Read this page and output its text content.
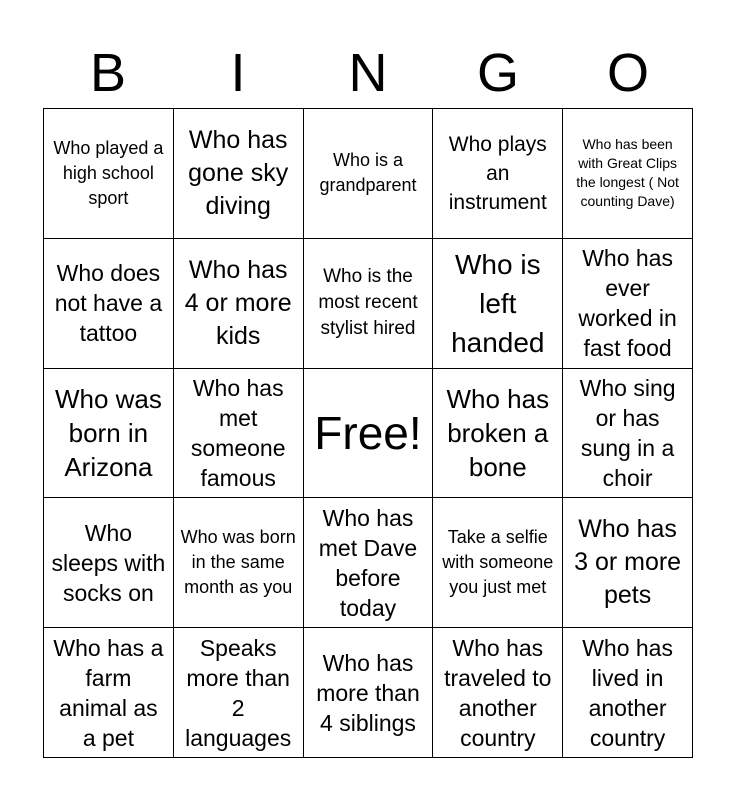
B	I	N	G	O
Who played a high school sport
Who has gone sky diving
Who is a grandparent
Who plays an instrument
Who has been with Great Clips the longest ( Not counting Dave)
Who does not have a tattoo
Who has 4 or more kids
Who is the most recent stylist hired
Who is left handed
Who has ever worked in fast food
Who was born in Arizona
Who has met someone famous
Free!
Who has broken a bone
Who sing or has sung in a choir
Who sleeps with socks on
Who was born in the same month as you
Who has met Dave before today
Take a selfie with someone you just met
Who has 3 or more pets
Who has a farm animal as a pet
Speaks more than 2 languages
Who has more than 4 siblings
Who has traveled to another country
Who has lived in another country
